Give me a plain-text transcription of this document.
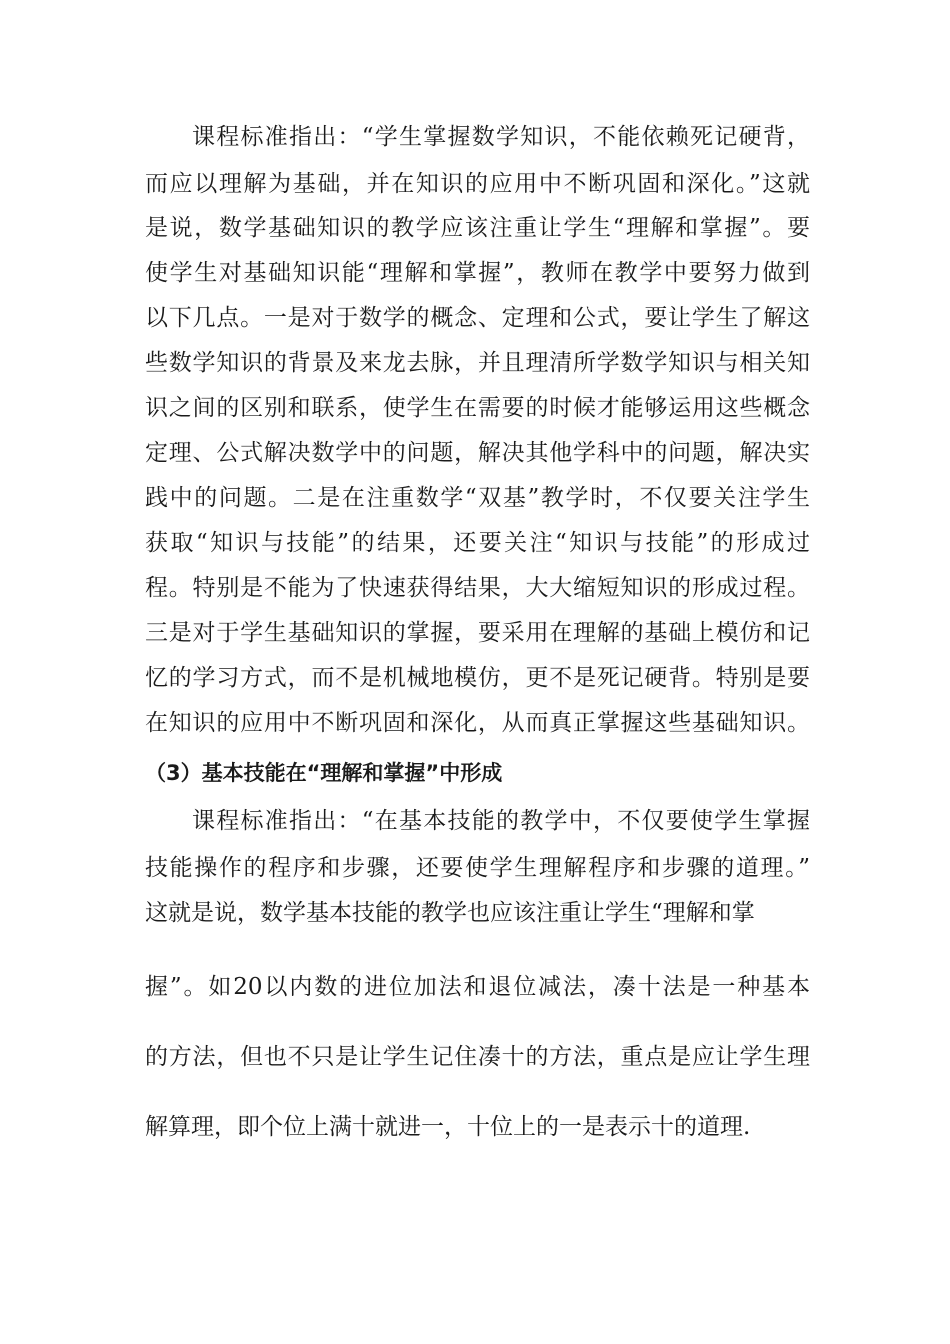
课程标准指出：“学生掌握数学知识，不能依赖死记硬背，
而应以理解为基础，并在知识的应用中不断巩固和深化。”这就
是说，数学基础知识的教学应该注重让学生“理解和掌握”。要
使学生对基础知识能“理解和掌握”，教师在教学中要努力做到
以下几点。一是对于数学的概念、定理和公式，要让学生了解这
些数学知识的背景及来龙去脉，并且理清所学数学知识与相关知
识之间的区别和联系，使学生在需要的时候才能够运用这些概念
定理、公式解决数学中的问题，解决其他学科中的问题，解决实
践中的问题。二是在注重数学“双基”教学时，不仅要关注学生
获取“知识与技能”的结果，还要关注“知识与技能”的形成过
程。特别是不能为了快速获得结果，大大缩短知识的形成过程。
三是对于学生基础知识的掌握，要采用在理解的基础上模仿和记
忆的学习方式，而不是机械地模仿，更不是死记硬背。特别是要
在知识的应用中不断巩固和深化，从而真正掌握这些基础知识。
（3）基本技能在“理解和掌握”中形成
课程标准指出：“在基本技能的教学中，不仅要使学生掌握
技能操作的程序和步骤，还要使学生理解程序和步骤的道理。”
这就是说，数学基本技能的教学也应该注重让学生“理解和掌
握”。如20以内数的进位加法和退位减法，凑十法是一种基本
的方法，但也不只是让学生记住凑十的方法，重点是应让学生理
解算理，即个位上满十就进一，十位上的一是表示十的道理.
